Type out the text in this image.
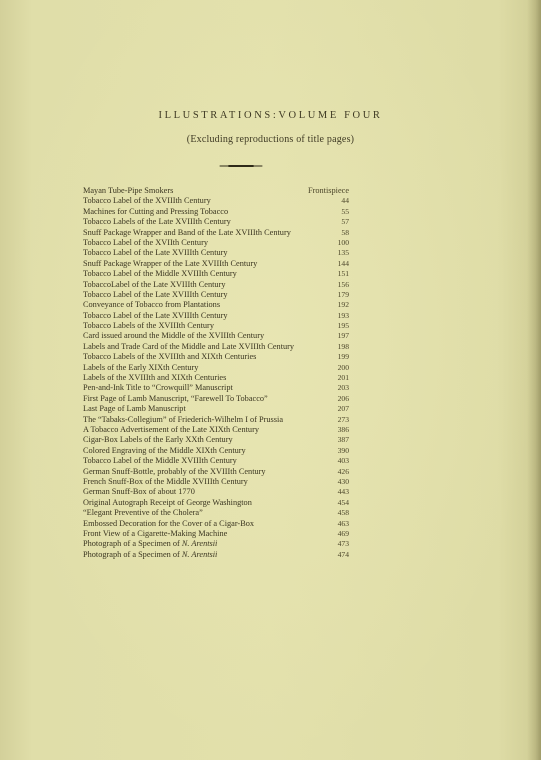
ILLUSTRATIONS:VOLUME FOUR
(Excluding reproductions of title pages)
Mayan Tube-Pipe Smokers	Frontispiece
Tobacco Label of the XVIIIth Century	44
Machines for Cutting and Pressing Tobacco	55
Tobacco Labels of the Late XVIIIth Century	57
Snuff Package Wrapper and Band of the Late XVIIIth Century	58
Tobacco Label of the XVIIth Century	100
Tobacco Label of the Late XVIIIth Century	135
Snuff Package Wrapper of the Late XVIIIth Century	144
Tobacco Label of the Middle XVIIIth Century	151
TobaccoLabel of the Late XVIIIth Century	156
Tobacco Label of the Late XVIIIth Century	179
Conveyance of Tobacco from Plantations	192
Tobacco Label of the Late XVIIIth Century	193
Tobacco Labels of the XVIIIth Century	195
Card issued around the Middle of the XVIIIth Century	197
Labels and Trade Card of the Middle and Late XVIIIth Century	198
Tobacco Labels of the XVIIIth and XIXth Centuries	199
Labels of the Early XIXth Century	200
Labels of the XVIIIth and XIXth Centuries	201
Pen-and-Ink Title to “Crowquill” Manuscript	203
First Page of Lamb Manuscript, “Farewell To Tobacco”	206
Last Page of Lamb Manuscript	207
The “Tabaks-Collegium” of Friederich-Wilhelm I of Prussia	273
A Tobacco Advertisement of the Late XIXth Century	386
Cigar-Box Labels of the Early XXth Century	387
Colored Engraving of the Middle XIXth Century	390
Tobacco Label of the Middle XVIIIth Century	403
German Snuff-Bottle, probably of the XVIIIth Century	426
French Snuff-Box of the Middle XVIIIth Century	430
German Snuff-Box of about 1770	443
Original Autograph Receipt of George Washington	454
“Elegant Preventive of the Cholera”	458
Embossed Decoration for the Cover of a Cigar-Box	463
Front View of a Cigarette-Making Machine	469
Photograph of a Specimen of N. Arentsii	473
Photograph of a Specimen of N. Arentsii	474
